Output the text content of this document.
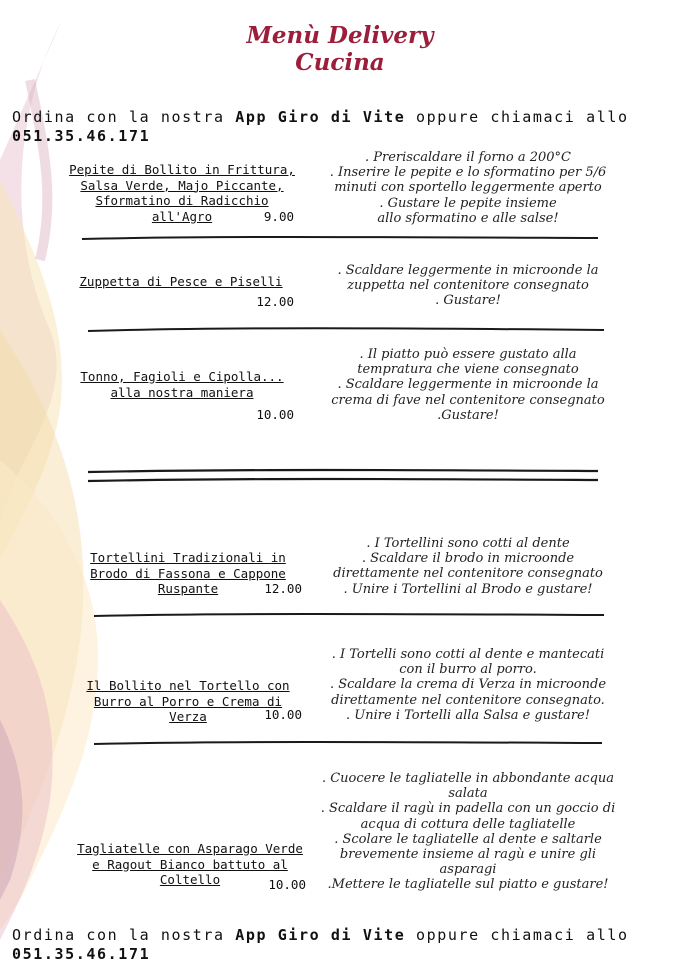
Menù Delivery
Cucina
Ordina con la nostra App Giro di Vite oppure chiamaci allo
051.35.46.171
Pepite di Bollito in Frittura, Salsa Verde, Majo Piccante, Sformatino di Radicchio all'Agro	9.00
. Preriscaldare il forno a 200°C
. Inserire le pepite e lo sformatino per 5/6
minuti con sportello leggermente aperto
. Gustare le pepite insieme
allo sformatino e alle salse!
Zuppetta di Pesce e Piselli
12.00
. Scaldare leggermente in microonde la
zuppetta nel contenitore consegnato
. Gustare!
Tonno, Fagioli e Cipolla... alla nostra maniera
10.00
. Il piatto può essere gustato alla
tempratura che viene consegnato
. Scaldare leggermente in microonde la
crema di fave nel contenitore consegnato
.Gustare!
Tortellini Tradizionali in Brodo di Fassona e Cappone Ruspante	12.00
. I Tortellini sono cotti al dente
. Scaldare il brodo in microonde
direttamente nel contenitore consegnato
. Unire i Tortellini al Brodo e gustare!
Il Bollito nel Tortello con Burro al Porro e Crema di Verza	10.00
. I Tortelli sono cotti al dente e mantecati
con il burro al porro.
. Scaldare la crema di Verza in microonde
direttamente nel contenitore consegnato.
. Unire i Tortelli alla Salsa e gustare!
Tagliatelle con Asparago Verde e Ragout Bianco battuto al Coltello	10.00
. Cuocere le tagliatelle in abbondante acqua
salata
. Scaldare il ragù in padella con un goccio di
acqua di cottura delle tagliatelle
. Scolare le tagliatelle al dente e saltarle
brevemente insieme al ragù e unire gli
asparagi
.Mettere le tagliatelle sul piatto e gustare!
Ordina con la nostra App Giro di Vite oppure chiamaci allo
051.35.46.171
